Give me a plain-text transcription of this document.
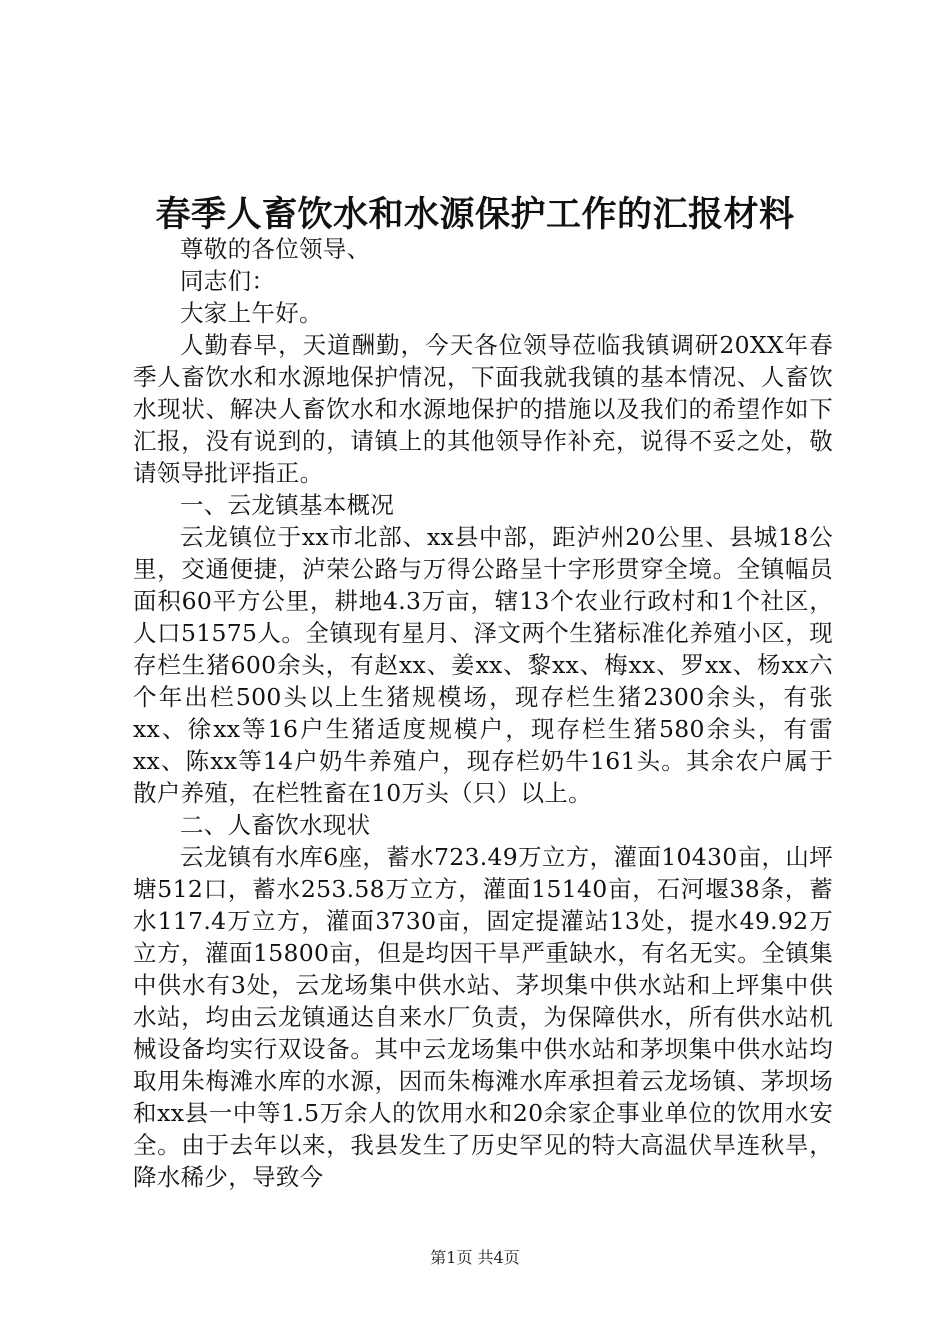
春季人畜饮水和水源保护工作的汇报材料

尊敬的各位领导、

同志们：

大家上午好。

人勤春早，天道酬勤，今天各位领导莅临我镇调研20XX年春季人畜饮水和水源地保护情况，下面我就我镇的基本情况、人畜饮水现状、解决人畜饮水和水源地保护的措施以及我们的希望作如下汇报，没有说到的，请镇上的其他领导作补充，说得不妥之处，敬请领导批评指正。

一、云龙镇基本概况

云龙镇位于xx市北部、xx县中部，距泸州20公里、县城18公里，交通便捷，泸荣公路与万得公路呈十字形贯穿全境。全镇幅员面积60平方公里，耕地4.3万亩，辖13个农业行政村和1个社区，人口51575人。全镇现有星月、泽文两个生猪标准化养殖小区，现存栏生猪600余头，有赵xx、姜xx、黎xx、梅xx、罗xx、杨xx六个年出栏500头以上生猪规模场，现存栏生猪2300余头，有张xx、徐xx等16户生猪适度规模户，现存栏生猪580余头，有雷xx、陈xx等14户奶牛养殖户，现存栏奶牛161头。其余农户属于散户养殖，在栏牲畜在10万头（只）以上。

二、人畜饮水现状

云龙镇有水库6座，蓄水723.49万立方，灌面10430亩，山坪塘512口，蓄水253.58万立方，灌面15140亩，石河堰38条，蓄水117.4万立方，灌面3730亩，固定提灌站13处，提水49.92万立方，灌面15800亩，但是均因干旱严重缺水，有名无实。全镇集中供水有3处，云龙场集中供水站、茅坝集中供水站和上坪集中供水站，均由云龙镇通达自来水厂负责，为保障供水，所有供水站机械设备均实行双设备。其中云龙场集中供水站和茅坝集中供水站均取用朱梅滩水库的水源，因而朱梅滩水库承担着云龙场镇、茅坝场和xx县一中等1.5万余人的饮用水和20余家企事业单位的饮用水安全。由于去年以来，我县发生了历史罕见的特大高温伏旱连秋旱，降水稀少，导致今

第1页 共4页
